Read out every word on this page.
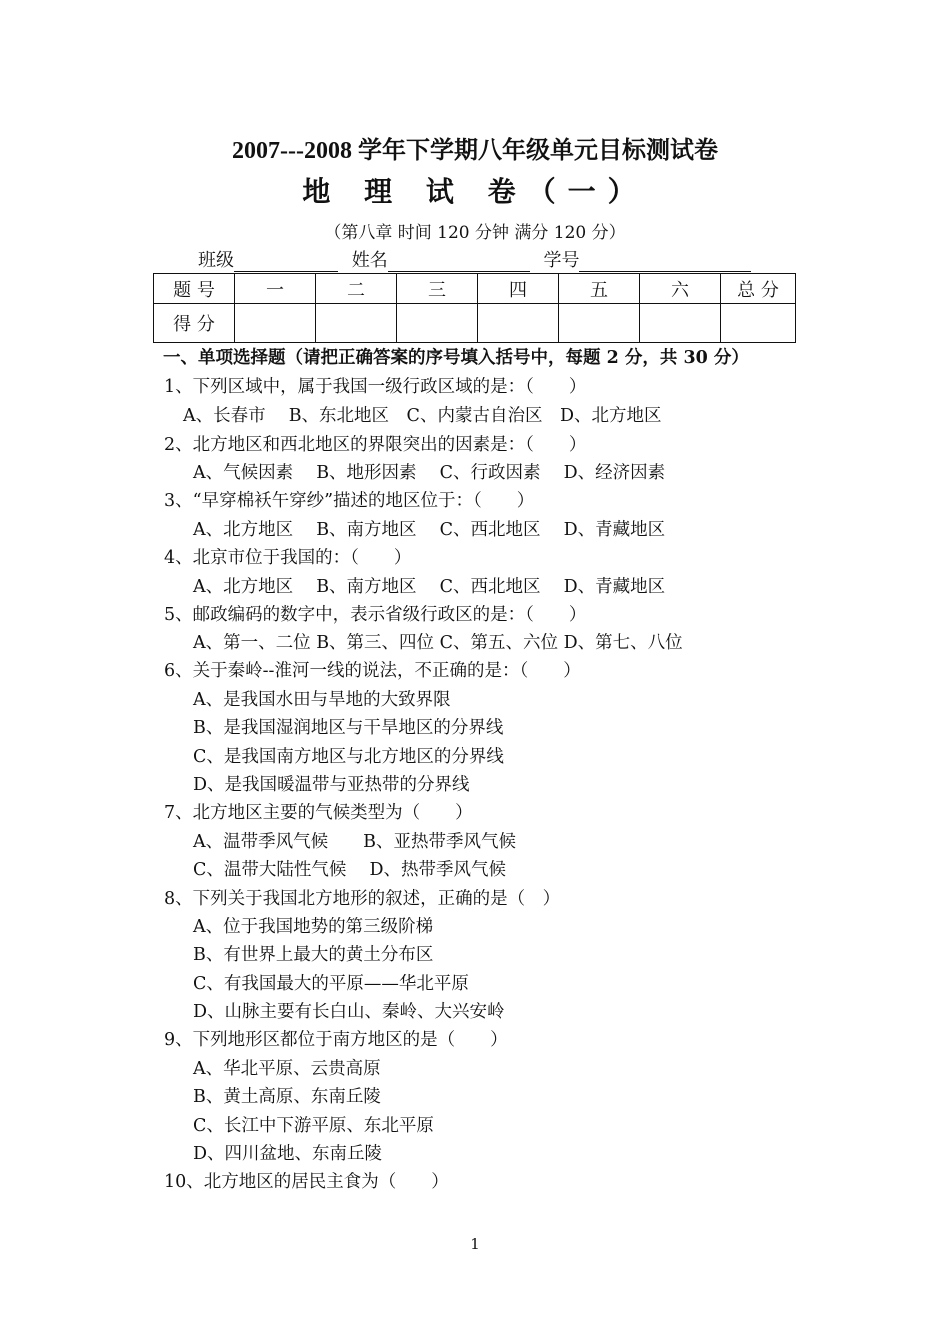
2007---2008 学年下学期八年级单元目标测试卷
地 理 试 卷（一）
（第八章 时间 120 分钟 满分 120 分）
班级	姓名	学号
题 号	一	二	三	四	五	六	总 分
得 分							
一、单项选择题（请把正确答案的序号填入括号中，每题 2 分，共 30 分）
1、下列区域中，属于我国一级行政区域的是：（　　）
A、长春市　 B、东北地区　C、内蒙古自治区　D、北方地区
2、北方地区和西北地区的界限突出的因素是：（　　）
A、气候因素　 B、地形因素　 C、行政因素　 D、经济因素
3、“早穿棉袄午穿纱”描述的地区位于：（　　）
A、北方地区　 B、南方地区　 C、西北地区　 D、青藏地区
4、北京市位于我国的：（　　）
A、北方地区　 B、南方地区　 C、西北地区　 D、青藏地区
5、邮政编码的数字中，表示省级行政区的是：（　　）
A、第一、二位 B、第三、四位 C、第五、六位 D、第七、八位
6、关于秦岭--淮河一线的说法，不正确的是：（　　）
A、是我国水田与旱地的大致界限
B、是我国湿润地区与干旱地区的分界线
C、是我国南方地区与北方地区的分界线
D、是我国暖温带与亚热带的分界线
7、北方地区主要的气候类型为（　　）
A、温带季风气候　　B、亚热带季风气候
C、温带大陆性气候　 D、热带季风气候
8、下列关于我国北方地形的叙述，正确的是（　）
A、位于我国地势的第三级阶梯
B、有世界上最大的黄土分布区
C、有我国最大的平原——华北平原
D、山脉主要有长白山、秦岭、大兴安岭
9、下列地形区都位于南方地区的是（　　）
A、华北平原、云贵高原
B、黄土高原、东南丘陵
C、长江中下游平原、东北平原
D、四川盆地、东南丘陵
10、北方地区的居民主食为（　　）
1
